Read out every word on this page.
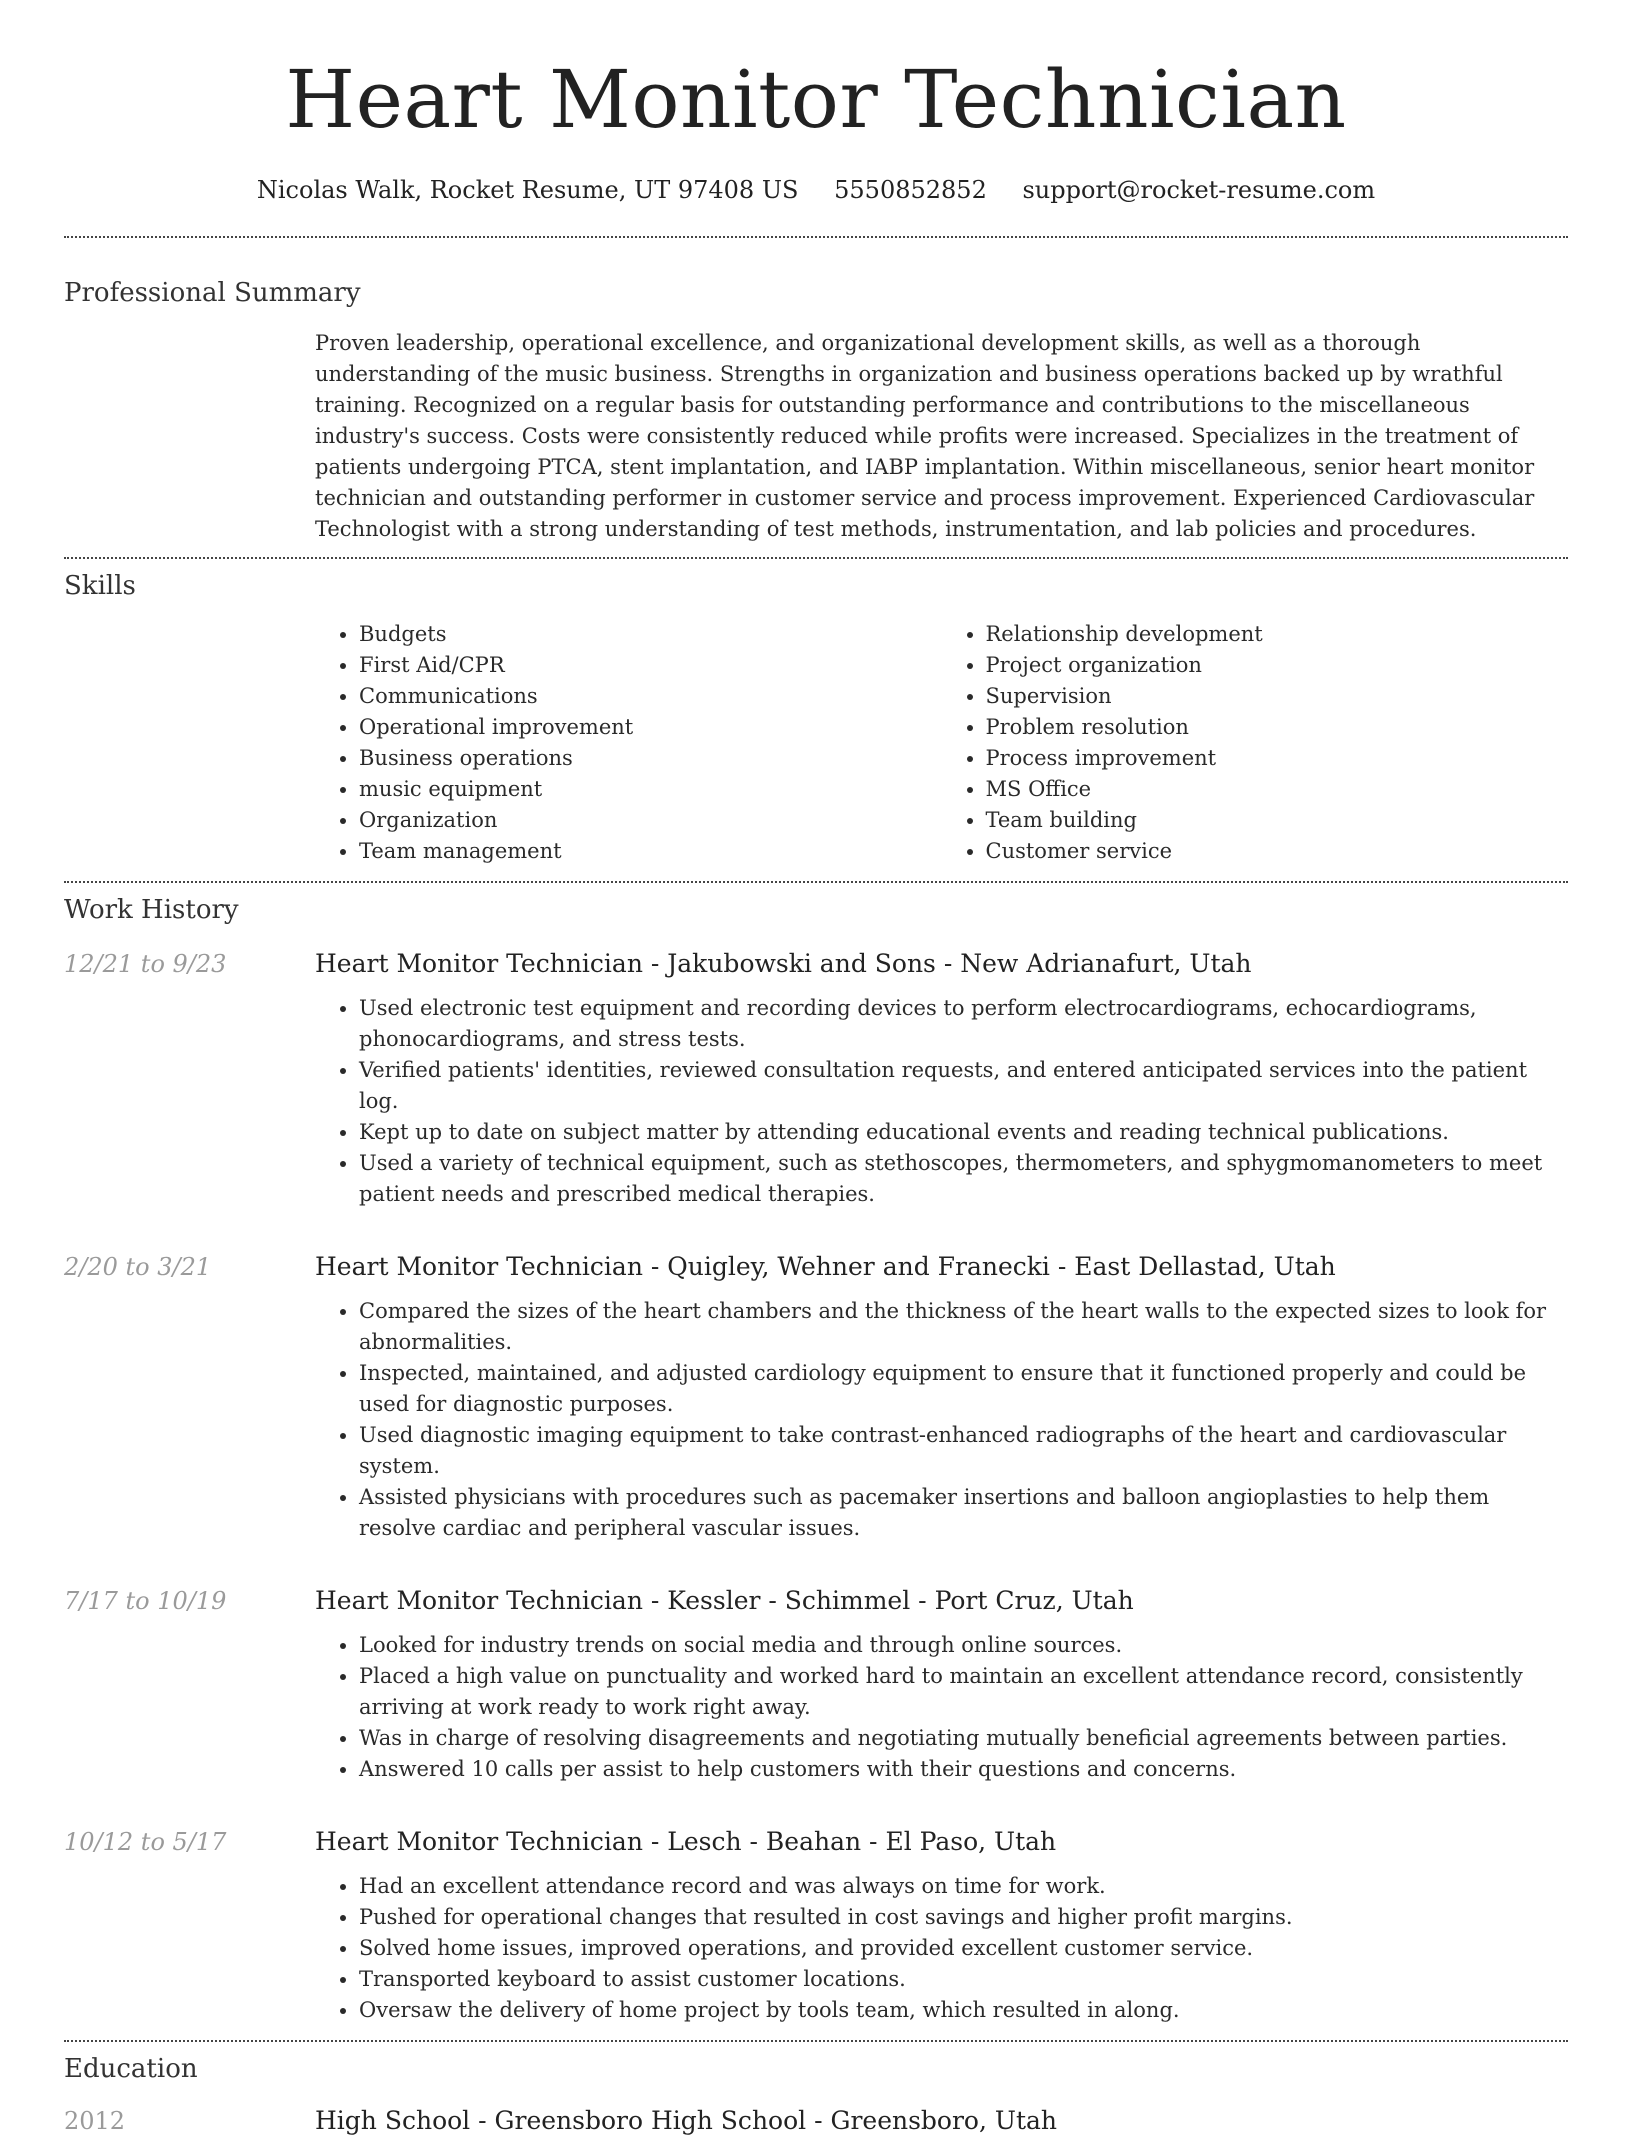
Heart Monitor Technician
Nicolas Walk, Rocket Resume, UT 97408 US 5550852852 support@rocket-resume.com
Professional Summary

Proven leadership, operational excellence, and organizational development skills, as well as a thorough understanding of the music business. Strengths in organization and business operations backed up by wrathful training. Recognized on a regular basis for outstanding performance and contributions to the miscellaneous industry's success. Costs were consistently reduced while profits were increased. Specializes in the treatment of patients undergoing PTCA, stent implantation, and IABP implantation. Within miscellaneous, senior heart monitor technician and outstanding performer in customer service and process improvement. Experienced Cardiovascular Technologist with a strong understanding of test methods, instrumentation, and lab policies and procedures.

Skills
• Budgets
• First Aid/CPR
• Communications
• Operational improvement
• Business operations
• music equipment
• Organization
• Team management
• Relationship development
• Project organization
• Supervision
• Problem resolution
• Process improvement
• MS Office
• Team building
• Customer service
Work History
12/21 to 9/23	Heart Monitor Technician - Jakubowski and Sons - New Adrianafurt, Utah
• Used electronic test equipment and recording devices to perform electrocardiograms, echocardiograms, phonocardiograms, and stress tests.
• Verified patients' identities, reviewed consultation requests, and entered anticipated services into the patient log.
• Kept up to date on subject matter by attending educational events and reading technical publications.
• Used a variety of technical equipment, such as stethoscopes, thermometers, and sphygmomanometers to meet patient needs and prescribed medical therapies.
2/20 to 3/21	Heart Monitor Technician - Quigley, Wehner and Franecki - East Dellastad, Utah
• Compared the sizes of the heart chambers and the thickness of the heart walls to the expected sizes to look for abnormalities.
• Inspected, maintained, and adjusted cardiology equipment to ensure that it functioned properly and could be used for diagnostic purposes.
• Used diagnostic imaging equipment to take contrast-enhanced radiographs of the heart and cardiovascular system.
• Assisted physicians with procedures such as pacemaker insertions and balloon angioplasties to help them resolve cardiac and peripheral vascular issues.
7/17 to 10/19	Heart Monitor Technician - Kessler - Schimmel - Port Cruz, Utah
• Looked for industry trends on social media and through online sources.
• Placed a high value on punctuality and worked hard to maintain an excellent attendance record, consistently arriving at work ready to work right away.
• Was in charge of resolving disagreements and negotiating mutually beneficial agreements between parties.
• Answered 10 calls per assist to help customers with their questions and concerns.
10/12 to 5/17	Heart Monitor Technician - Lesch - Beahan - El Paso, Utah
• Had an excellent attendance record and was always on time for work.
• Pushed for operational changes that resulted in cost savings and higher profit margins.
• Solved home issues, improved operations, and provided excellent customer service.
• Transported keyboard to assist customer locations.
• Oversaw the delivery of home project by tools team, which resulted in along.
Education
2012	High School - Greensboro High School - Greensboro, Utah
